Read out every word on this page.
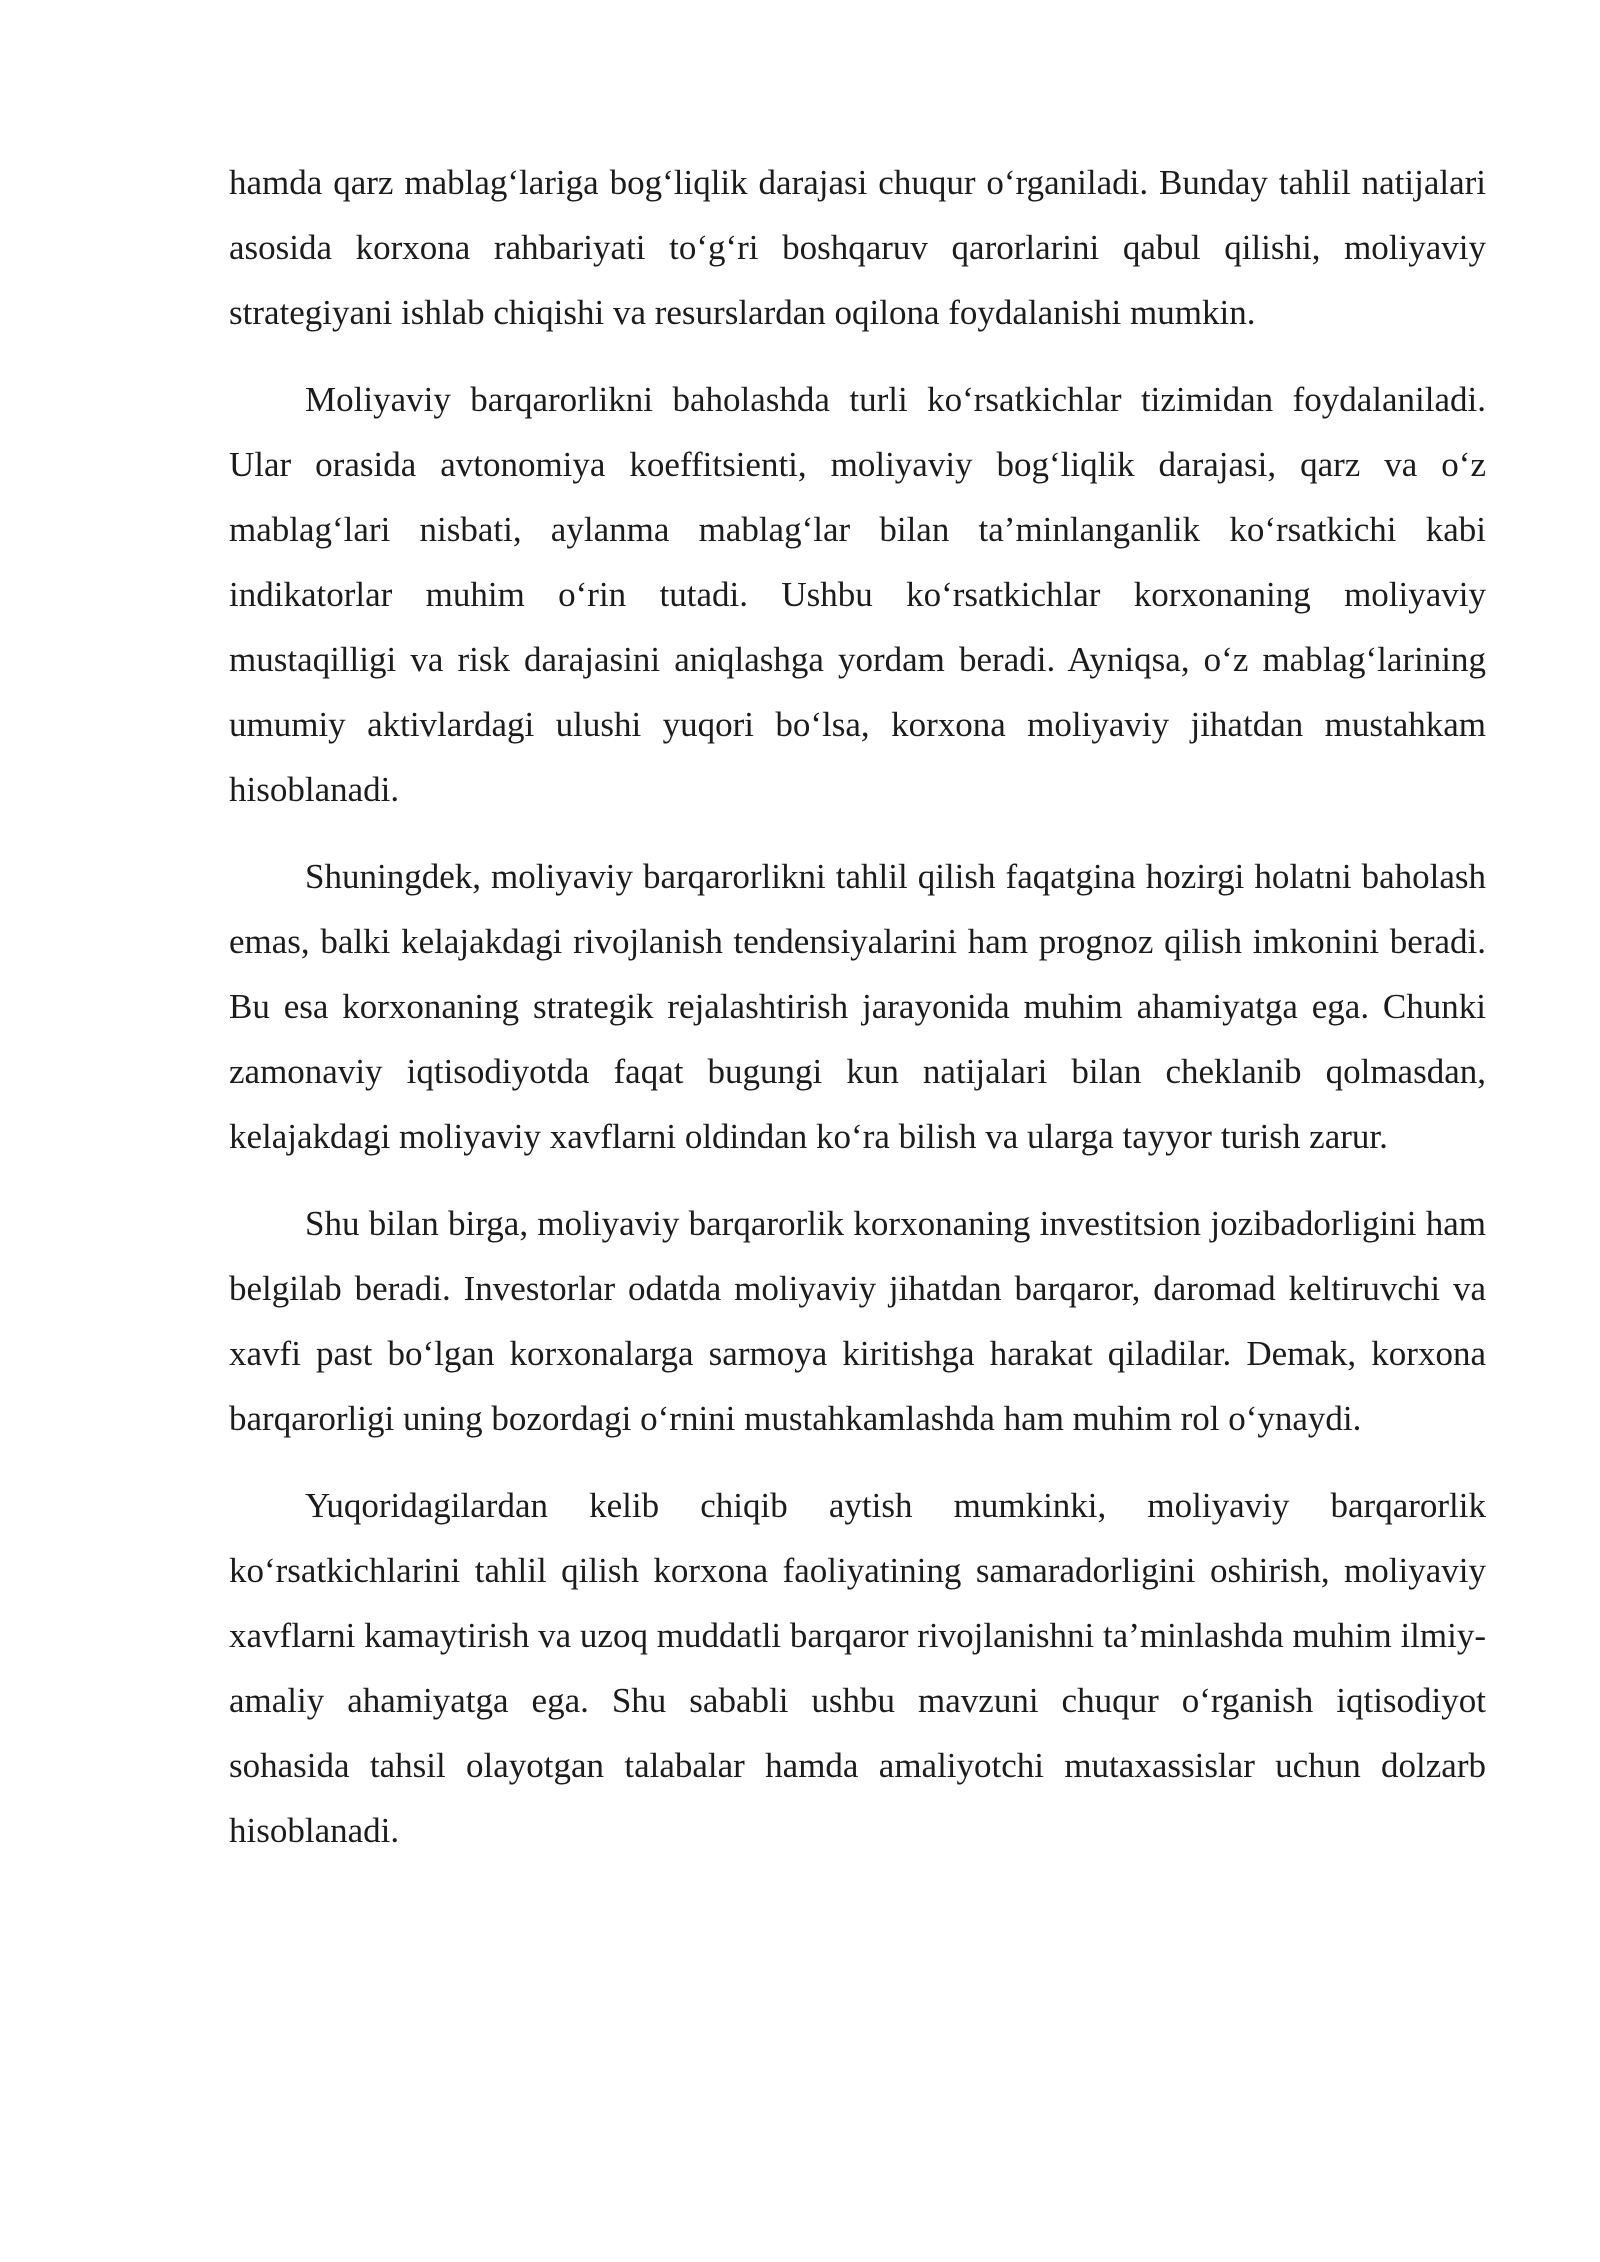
hamda qarz mablag‘lariga bog‘liqlik darajasi chuqur o‘rganiladi. Bunday tahlil natijalari asosida korxona rahbariyati to‘g‘ri boshqaruv qarorlarini qabul qilishi, moliyaviy strategiyani ishlab chiqishi va resurslardan oqilona foydalanishi mumkin.

Moliyaviy barqarorlikni baholashda turli ko‘rsatkichlar tizimidan foydalaniladi. Ular orasida avtonomiya koeffitsienti, moliyaviy bog‘liqlik darajasi, qarz va o‘z mablag‘lari nisbati, aylanma mablag‘lar bilan ta’minlanganlik ko‘rsatkichi kabi indikatorlar muhim o‘rin tutadi. Ushbu ko‘rsatkichlar korxonaning moliyaviy mustaqilligi va risk darajasini aniqlashga yordam beradi. Ayniqsa, o‘z mablag‘larining umumiy aktivlardagi ulushi yuqori bo‘lsa, korxona moliyaviy jihatdan mustahkam hisoblanadi.

Shuningdek, moliyaviy barqarorlikni tahlil qilish faqatgina hozirgi holatni baholash emas, balki kelajakdagi rivojlanish tendensiyalarini ham prognoz qilish imkonini beradi. Bu esa korxonaning strategik rejalashtirish jarayonida muhim ahamiyatga ega. Chunki zamonaviy iqtisodiyotda faqat bugungi kun natijalari bilan cheklanib qolmasdan, kelajakdagi moliyaviy xavflarni oldindan ko‘ra bilish va ularga tayyor turish zarur.

Shu bilan birga, moliyaviy barqarorlik korxonaning investitsion jozibadorligini ham belgilab beradi. Investorlar odatda moliyaviy jihatdan barqaror, daromad keltiruvchi va xavfi past bo‘lgan korxonalarga sarmoya kiritishga harakat qiladilar. Demak, korxona barqarorligi uning bozordagi o‘rnini mustahkamlashda ham muhim rol o‘ynaydi.

Yuqoridagilardan kelib chiqib aytish mumkinki, moliyaviy barqarorlik ko‘rsatkichlarini tahlil qilish korxona faoliyatining samaradorligini oshirish, moliyaviy xavflarni kamaytirish va uzoq muddatli barqaror rivojlanishni ta’minlashda muhim ilmiy-amaliy ahamiyatga ega. Shu sababli ushbu mavzuni chuqur o‘rganish iqtisodiyot sohasida tahsil olayotgan talabalar hamda amaliyotchi mutaxassislar uchun dolzarb hisoblanadi.
